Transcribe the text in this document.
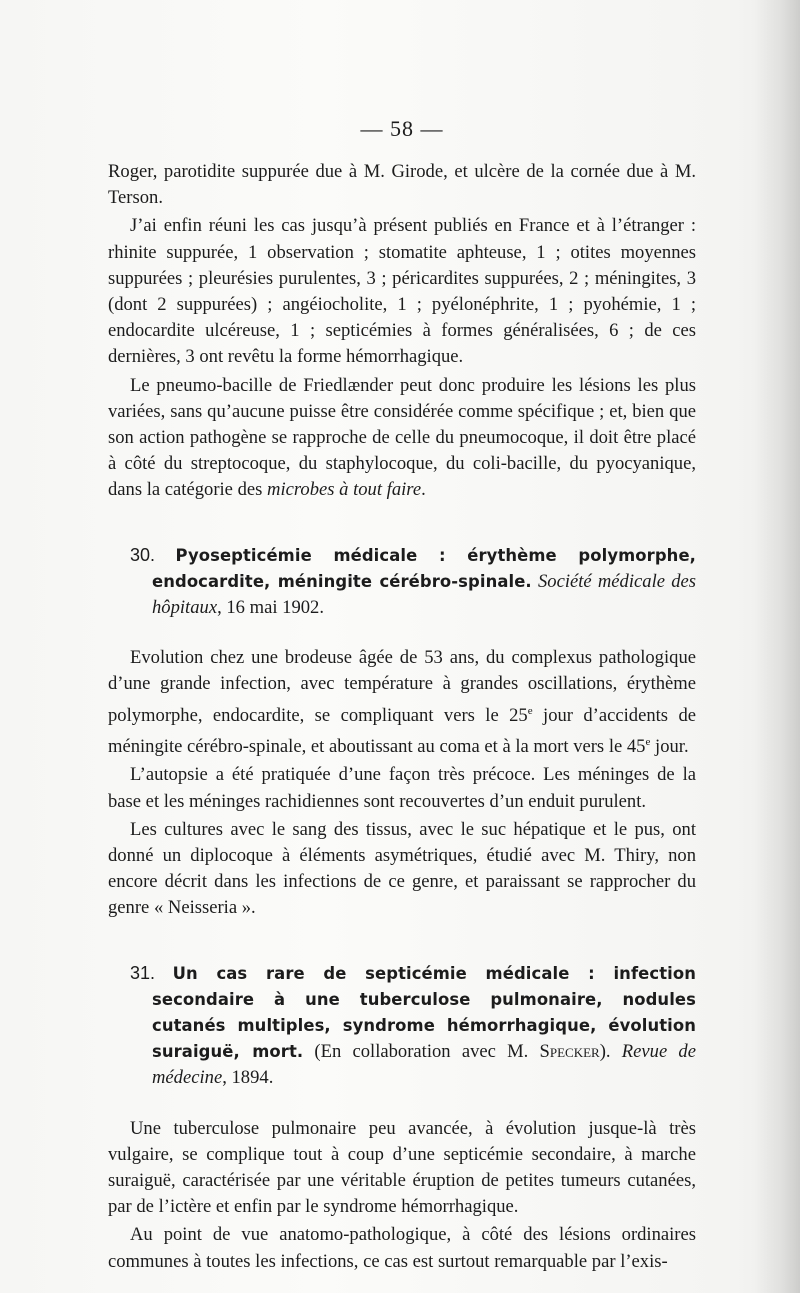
— 58 —

Roger, parotidite suppurée due à M. Girode, et ulcère de la cornée due à M. Terson.

J’ai enfin réuni les cas jusqu’à présent publiés en France et à l’étranger : rhinite suppurée, 1 observation ; stomatite aphteuse, 1 ; otites moyennes suppurées ; pleurésies purulentes, 3 ; péricardites suppurées, 2 ; méningites, 3 (dont 2 suppurées) ; angéiocholite, 1 ; pyélonéphrite, 1 ; pyohémie, 1 ; endocardite ulcéreuse, 1 ; septicémies à formes généralisées, 6 ; de ces dernières, 3 ont revêtu la forme hémorrhagique.

Le pneumo-bacille de Friedlænder peut donc produire les lésions les plus variées, sans qu’aucune puisse être considérée comme spécifique ; et, bien que son action pathogène se rapproche de celle du pneumocoque, il doit être placé à côté du streptocoque, du staphylocoque, du coli-bacille, du pyocyanique, dans la catégorie des microbes à tout faire.

30. Pyosepticémie médicale : érythème polymorphe, endocardite, méningite cérébro-spinale. Société médicale des hôpitaux, 16 mai 1902.

Evolution chez une brodeuse âgée de 53 ans, du complexus pathologique d’une grande infection, avec température à grandes oscillations, érythème polymorphe, endocardite, se compliquant vers le 25e jour d’accidents de méningite cérébro-spinale, et aboutissant au coma et à la mort vers le 45e jour.

L’autopsie a été pratiquée d’une façon très précoce. Les méninges de la base et les méninges rachidiennes sont recouvertes d’un enduit purulent.

Les cultures avec le sang des tissus, avec le suc hépatique et le pus, ont donné un diplocoque à éléments asymétriques, étudié avec M. Thiry, non encore décrit dans les infections de ce genre, et paraissant se rapprocher du genre « Neisseria ».

31. Un cas rare de septicémie médicale : infection secondaire à une tuberculose pulmonaire, nodules cutanés multiples, syndrome hémorrhagique, évolution suraiguë, mort. (En collaboration avec M. Specker). Revue de médecine, 1894.

Une tuberculose pulmonaire peu avancée, à évolution jusque-là très vulgaire, se complique tout à coup d’une septicémie secondaire, à marche suraiguë, caractérisée par une véritable éruption de petites tumeurs cutanées, par de l’ictère et enfin par le syndrome hémorrhagique.

Au point de vue anatomo-pathologique, à côté des lésions ordinaires communes à toutes les infections, ce cas est surtout remarquable par l’exis-
